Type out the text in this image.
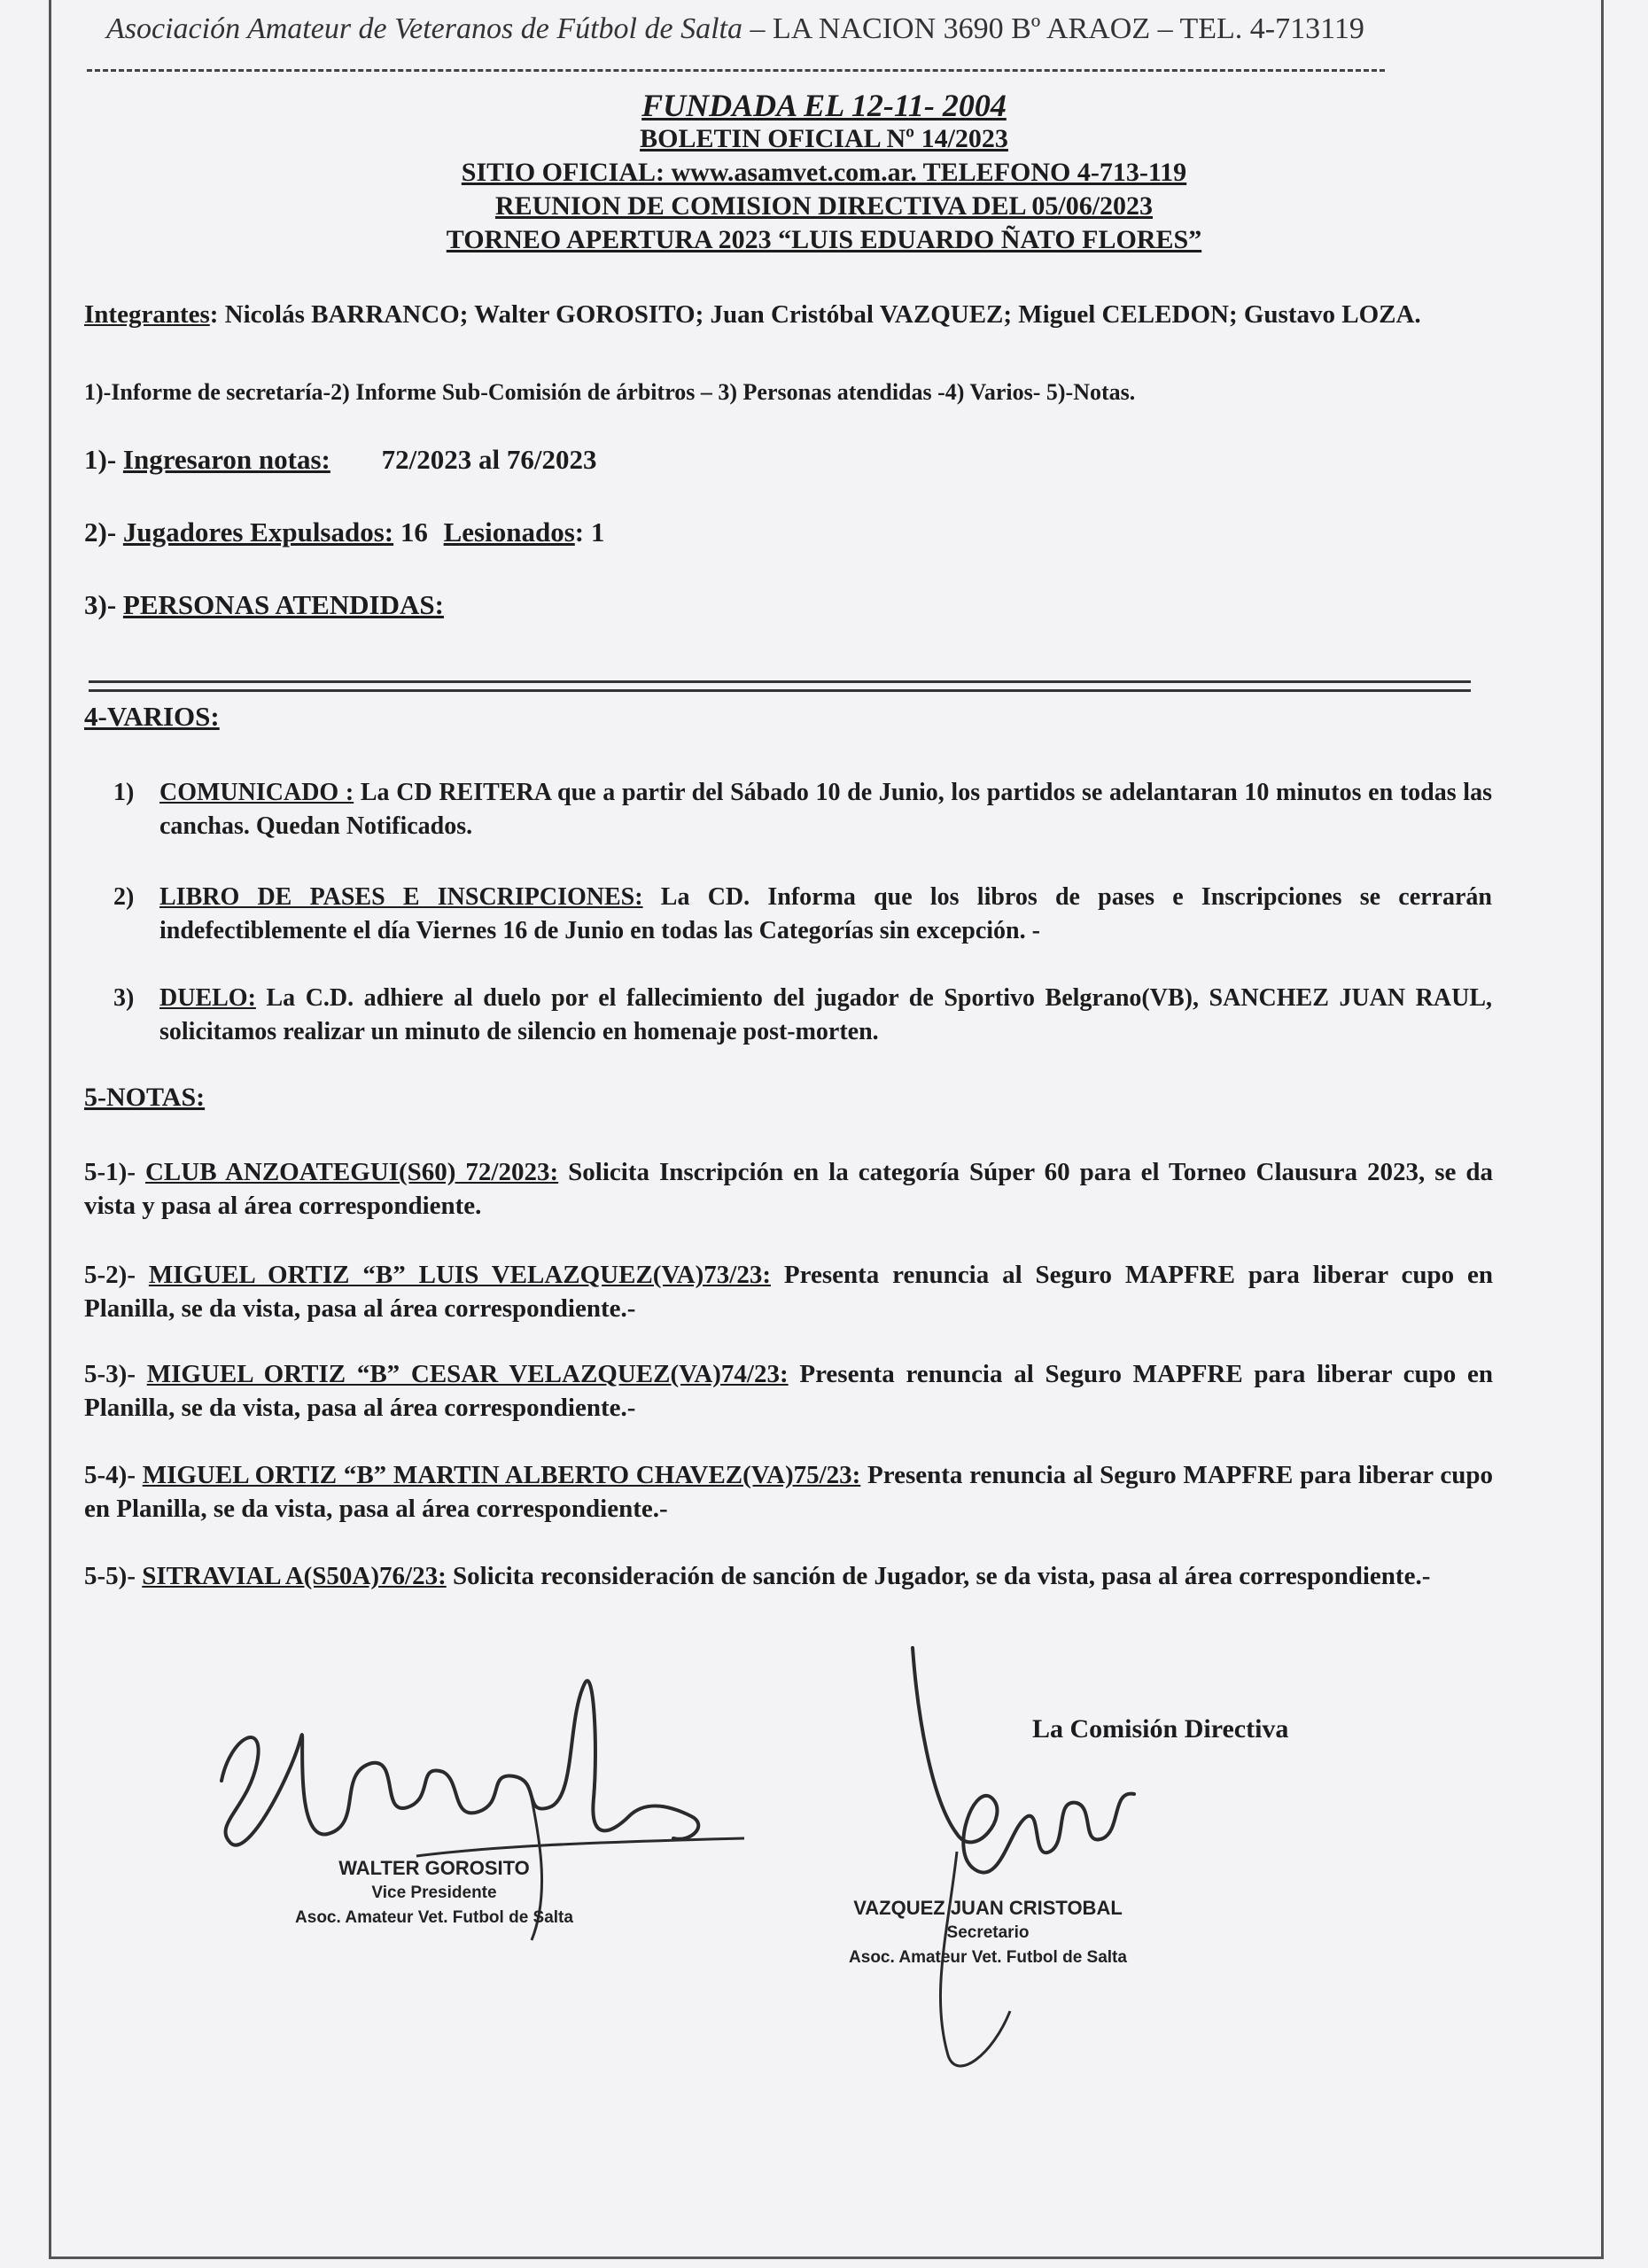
Asociación Amateur de Veteranos de Fútbol de Salta – LA NACION 3690 Bº ARAOZ – TEL. 4-713119
FUNDADA EL 12-11- 2004
BOLETIN OFICIAL Nº 14/2023
SITIO OFICIAL: www.asamvet.com.ar. TELEFONO 4-713-119
REUNION DE COMISION DIRECTIVA DEL 05/06/2023
TORNEO APERTURA 2023 “LUIS EDUARDO ÑATO FLORES”
Integrantes: Nicolás BARRANCO; Walter GOROSITO; Juan Cristóbal VAZQUEZ; Miguel CELEDON; Gustavo LOZA.
1)-Informe de secretaría-2) Informe Sub-Comisión de árbitros – 3) Personas atendidas -4) Varios- 5)-Notas.
1)- Ingresaron notas: 72/2023 al 76/2023
2)- Jugadores Expulsados: 16 Lesionados: 1
3)- PERSONAS ATENDIDAS:
4-VARIOS:
1)	COMUNICADO : La CD REITERA que a partir del Sábado 10 de Junio, los partidos se adelantaran 10 minutos en todas las canchas. Quedan Notificados.
2)	LIBRO DE PASES E INSCRIPCIONES: La CD. Informa que los libros de pases e Inscripciones se cerrarán indefectiblemente el día Viernes 16 de Junio en todas las Categorías sin excepción. -
3)	DUELO: La C.D. adhiere al duelo por el fallecimiento del jugador de Sportivo Belgrano(VB), SANCHEZ JUAN RAUL, solicitamos realizar un minuto de silencio en homenaje post-morten.
5-NOTAS:
5-1)- CLUB ANZOATEGUI(S60) 72/2023: Solicita Inscripción en la categoría Súper 60 para el Torneo Clausura 2023, se da vista y pasa al área correspondiente.
5-2)- MIGUEL ORTIZ “B” LUIS VELAZQUEZ(VA)73/23: Presenta renuncia al Seguro MAPFRE para liberar cupo en Planilla, se da vista, pasa al área correspondiente.-
5-3)- MIGUEL ORTIZ “B” CESAR VELAZQUEZ(VA)74/23: Presenta renuncia al Seguro MAPFRE para liberar cupo en Planilla, se da vista, pasa al área correspondiente.-
5-4)- MIGUEL ORTIZ “B” MARTIN ALBERTO CHAVEZ(VA)75/23: Presenta renuncia al Seguro MAPFRE para liberar cupo en Planilla, se da vista, pasa al área correspondiente.-
5-5)- SITRAVIAL A(S50A)76/23: Solicita reconsideración de sanción de Jugador, se da vista, pasa al área correspondiente.-
La Comisión Directiva
WALTER GOROSITO
Vice Presidente
Asoc. Amateur Vet. Futbol de Salta	VAZQUEZ JUAN CRISTOBAL
Secretario
Asoc. Amateur Vet. Futbol de Salta
